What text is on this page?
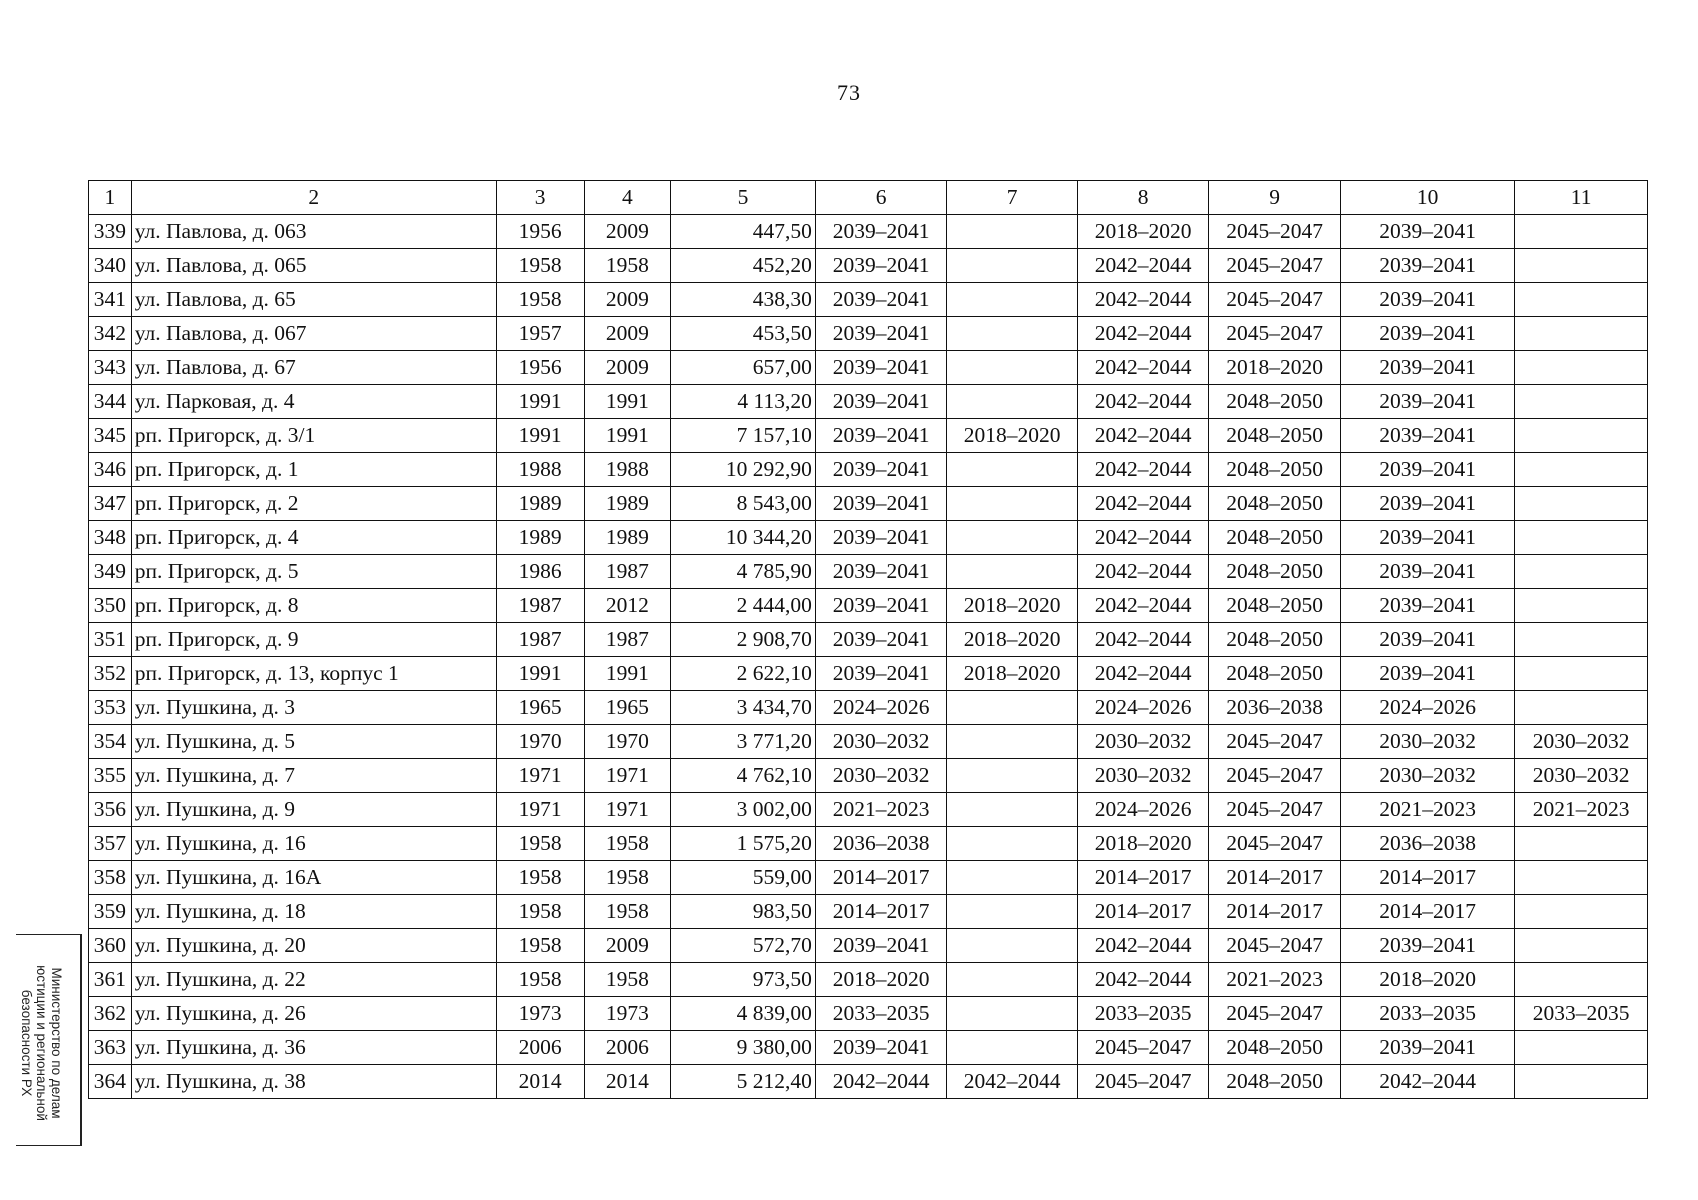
73
1	2	3	4	5	6	7	8	9	10	11
339	ул. Павлова, д. 063	1956	2009	447,50	2039–2041		2018–2020	2045–2047	2039–2041	
340	ул. Павлова, д. 065	1958	1958	452,20	2039–2041		2042–2044	2045–2047	2039–2041	
341	ул. Павлова, д. 65	1958	2009	438,30	2039–2041		2042–2044	2045–2047	2039–2041	
342	ул. Павлова, д. 067	1957	2009	453,50	2039–2041		2042–2044	2045–2047	2039–2041	
343	ул. Павлова, д. 67	1956	2009	657,00	2039–2041		2042–2044	2018–2020	2039–2041	
344	ул. Парковая, д. 4	1991	1991	4 113,20	2039–2041		2042–2044	2048–2050	2039–2041	
345	рп. Пригорск, д. 3/1	1991	1991	7 157,10	2039–2041	2018–2020	2042–2044	2048–2050	2039–2041	
346	рп. Пригорск, д. 1	1988	1988	10 292,90	2039–2041		2042–2044	2048–2050	2039–2041	
347	рп. Пригорск, д. 2	1989	1989	8 543,00	2039–2041		2042–2044	2048–2050	2039–2041	
348	рп. Пригорск, д. 4	1989	1989	10 344,20	2039–2041		2042–2044	2048–2050	2039–2041	
349	рп. Пригорск, д. 5	1986	1987	4 785,90	2039–2041		2042–2044	2048–2050	2039–2041	
350	рп. Пригорск, д. 8	1987	2012	2 444,00	2039–2041	2018–2020	2042–2044	2048–2050	2039–2041	
351	рп. Пригорск, д. 9	1987	1987	2 908,70	2039–2041	2018–2020	2042–2044	2048–2050	2039–2041	
352	рп. Пригорск, д. 13, корпус 1	1991	1991	2 622,10	2039–2041	2018–2020	2042–2044	2048–2050	2039–2041	
353	ул. Пушкина, д. 3	1965	1965	3 434,70	2024–2026		2024–2026	2036–2038	2024–2026	
354	ул. Пушкина, д. 5	1970	1970	3 771,20	2030–2032		2030–2032	2045–2047	2030–2032	2030–2032
355	ул. Пушкина, д. 7	1971	1971	4 762,10	2030–2032		2030–2032	2045–2047	2030–2032	2030–2032
356	ул. Пушкина, д. 9	1971	1971	3 002,00	2021–2023		2024–2026	2045–2047	2021–2023	2021–2023
357	ул. Пушкина, д. 16	1958	1958	1 575,20	2036–2038		2018–2020	2045–2047	2036–2038	
358	ул. Пушкина, д. 16А	1958	1958	559,00	2014–2017		2014–2017	2014–2017	2014–2017	
359	ул. Пушкина, д. 18	1958	1958	983,50	2014–2017		2014–2017	2014–2017	2014–2017	
360	ул. Пушкина, д. 20	1958	2009	572,70	2039–2041		2042–2044	2045–2047	2039–2041	
361	ул. Пушкина, д. 22	1958	1958	973,50	2018–2020		2042–2044	2021–2023	2018–2020	
362	ул. Пушкина, д. 26	1973	1973	4 839,00	2033–2035		2033–2035	2045–2047	2033–2035	2033–2035
363	ул. Пушкина, д. 36	2006	2006	9 380,00	2039–2041		2045–2047	2048–2050	2039–2041	
364	ул. Пушкина, д. 38	2014	2014	5 212,40	2042–2044	2042–2044	2045–2047	2048–2050	2042–2044	
Министерство по делам
юстиции и региональной
безопасности РХ
